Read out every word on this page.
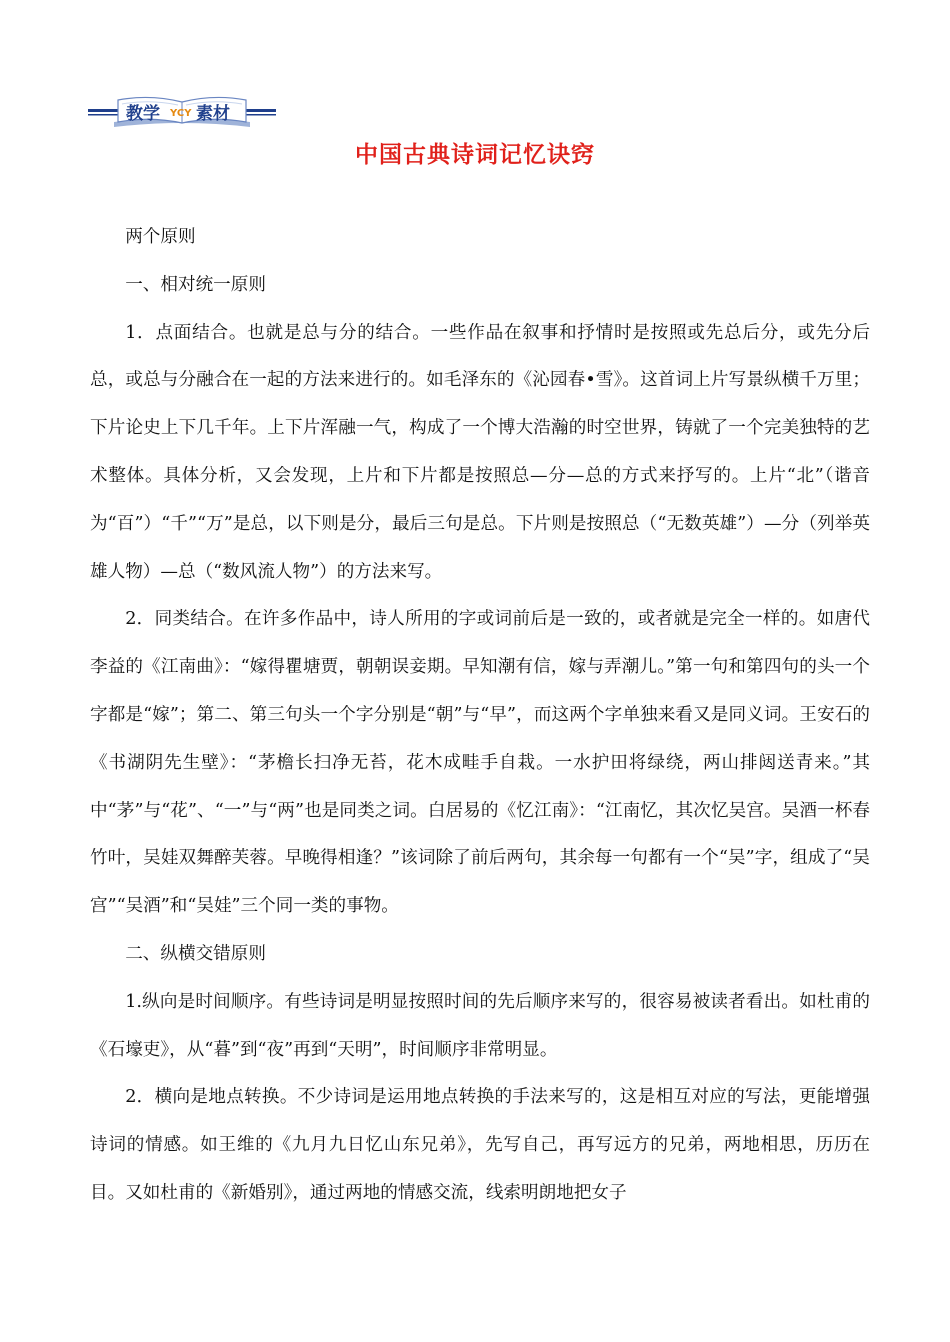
教学 YCY 素材
中国古典诗词记忆诀窍

两个原则

一、相对统一原则

1．点面结合。也就是总与分的结合。一些作品在叙事和抒情时是按照或先总后分，或先分后总，或总与分融合在一起的方法来进行的。如毛泽东的《沁园春•雪》。这首词上片写景纵横千万里；下片论史上下几千年。上下片浑融一气，构成了一个博大浩瀚的时空世界，铸就了一个完美独特的艺术整体。具体分析，又会发现，上片和下片都是按照总—分—总的方式来抒写的。上片“北”（谐音为“百”）“千”“万”是总，以下则是分，最后三句是总。下片则是按照总（“无数英雄”）—分（列举英雄人物）—总（“数风流人物”）的方法来写。

2．同类结合。在许多作品中，诗人所用的字或词前后是一致的，或者就是完全一样的。如唐代李益的《江南曲》：“嫁得瞿塘贾，朝朝误妾期。早知潮有信，嫁与弄潮儿。”第一句和第四句的头一个字都是“嫁”；第二、第三句头一个字分别是“朝”与“早”，而这两个字单独来看又是同义词。王安石的《书湖阴先生壁》：“茅檐长扫净无苔，花木成畦手自栽。一水护田将绿绕，两山排闼送青来。”其中“茅”与“花”、“一”与“两”也是同类之词。白居易的《忆江南》：“江南忆，其次忆吴宫。吴酒一杯春竹叶，吴娃双舞醉芙蓉。早晚得相逢？”该词除了前后两句，其余每一句都有一个“吴”字，组成了“吴宫”“吴酒”和“吴娃”三个同一类的事物。

二、纵横交错原则

1.纵向是时间顺序。有些诗词是明显按照时间的先后顺序来写的，很容易被读者看出。如杜甫的《石壕吏》，从“暮”到“夜”再到“天明”，时间顺序非常明显。

2．横向是地点转换。不少诗词是运用地点转换的手法来写的，这是相互对应的写法，更能增强诗词的情感。如王维的《九月九日忆山东兄弟》，先写自己，再写远方的兄弟，两地相思，历历在目。又如杜甫的《新婚别》，通过两地的情感交流，线索明朗地把女子
